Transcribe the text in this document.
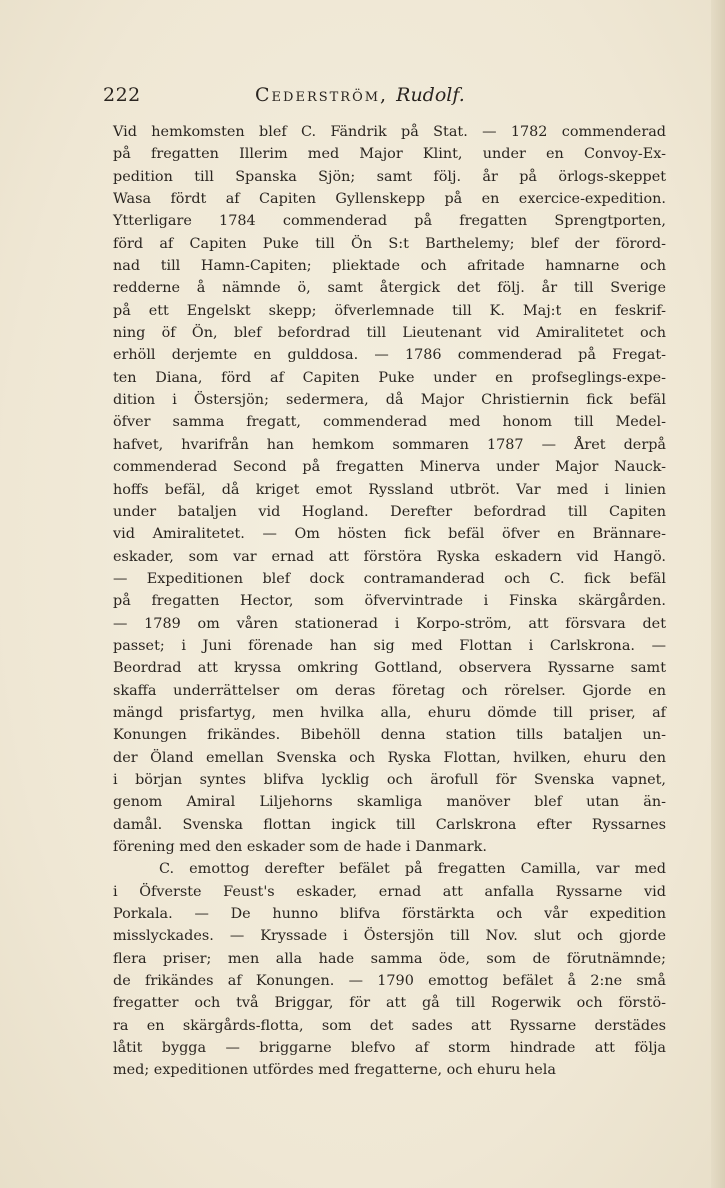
222	Cederström, Rudolf.
Vid hemkomsten blef C. Fändrik på Stat. — 1782 commenderad
på fregatten Illerim med Major Klint, under en Convoy-Ex-
pedition till Spanska Sjön; samt följ. år på örlogs-skeppet
Wasa fördt af Capiten Gyllenskepp på en exercice-expedition.
Ytterligare 1784 commenderad på fregatten Sprengtporten,
förd af Capiten Puke till Ön S:t Barthelemy; blef der förord-
nad till Hamn-Capiten; pliektade och afritade hamnarne och
redderne å nämnde ö, samt återgick det följ. år till Sverige
på ett Engelskt skepp; öfverlemnade till K. Maj:t en feskrif-
ning öf Ön, blef befordrad till Lieutenant vid Amiralitetet och
erhöll derjemte en gulddosa. — 1786 commenderad på Fregat-
ten Diana, förd af Capiten Puke under en profseglings-expe-
dition i Östersjön; sedermera, då Major Christiernin fick befäl
öfver samma fregatt, commenderad med honom till Medel-
hafvet, hvarifrån han hemkom sommaren 1787 — Året derpå
commenderad Second på fregatten Minerva under Major Nauck-
hoffs befäl, då kriget emot Ryssland utbröt. Var med i linien
under bataljen vid Hogland. Derefter befordrad till Capiten
vid Amiralitetet. — Om hösten fick befäl öfver en Brännare-
eskader, som var ernad att förstöra Ryska eskadern vid Hangö.
— Expeditionen blef dock contramanderad och C. fick befäl
på fregatten Hector, som öfvervintrade i Finska skärgården.
— 1789 om våren stationerad i Korpo-ström, att försvara det
passet; i Juni förenade han sig med Flottan i Carlskrona. —
Beordrad att kryssa omkring Gottland, observera Ryssarne samt
skaffa underrättelser om deras företag och rörelser. Gjorde en
mängd prisfartyg, men hvilka alla, ehuru dömde till priser, af
Konungen frikändes. Bibehöll denna station tills bataljen un-
der Öland emellan Svenska och Ryska Flottan, hvilken, ehuru den
i början syntes blifva lycklig och ärofull för Svenska vapnet,
genom Amiral Liljehorns skamliga manöver blef utan än-
damål. Svenska flottan ingick till Carlskrona efter Ryssarnes
förening med den eskader som de hade i Danmark.
C. emottog derefter befälet på fregatten Camilla, var med
i Öfverste Feust's eskader, ernad att anfalla Ryssarne vid
Porkala. — De hunno blifva förstärkta och vår expedition
misslyckades. — Kryssade i Östersjön till Nov. slut och gjorde
flera priser; men alla hade samma öde, som de förutnämnde;
de frikändes af Konungen. — 1790 emottog befälet å 2:ne små
fregatter och två Briggar, för att gå till Rogerwik och förstö-
ra en skärgårds-flotta, som det sades att Ryssarne derstädes
låtit bygga — briggarne blefvo af storm hindrade att följa
med; expeditionen utfördes med fregatterne, och ehuru hela
